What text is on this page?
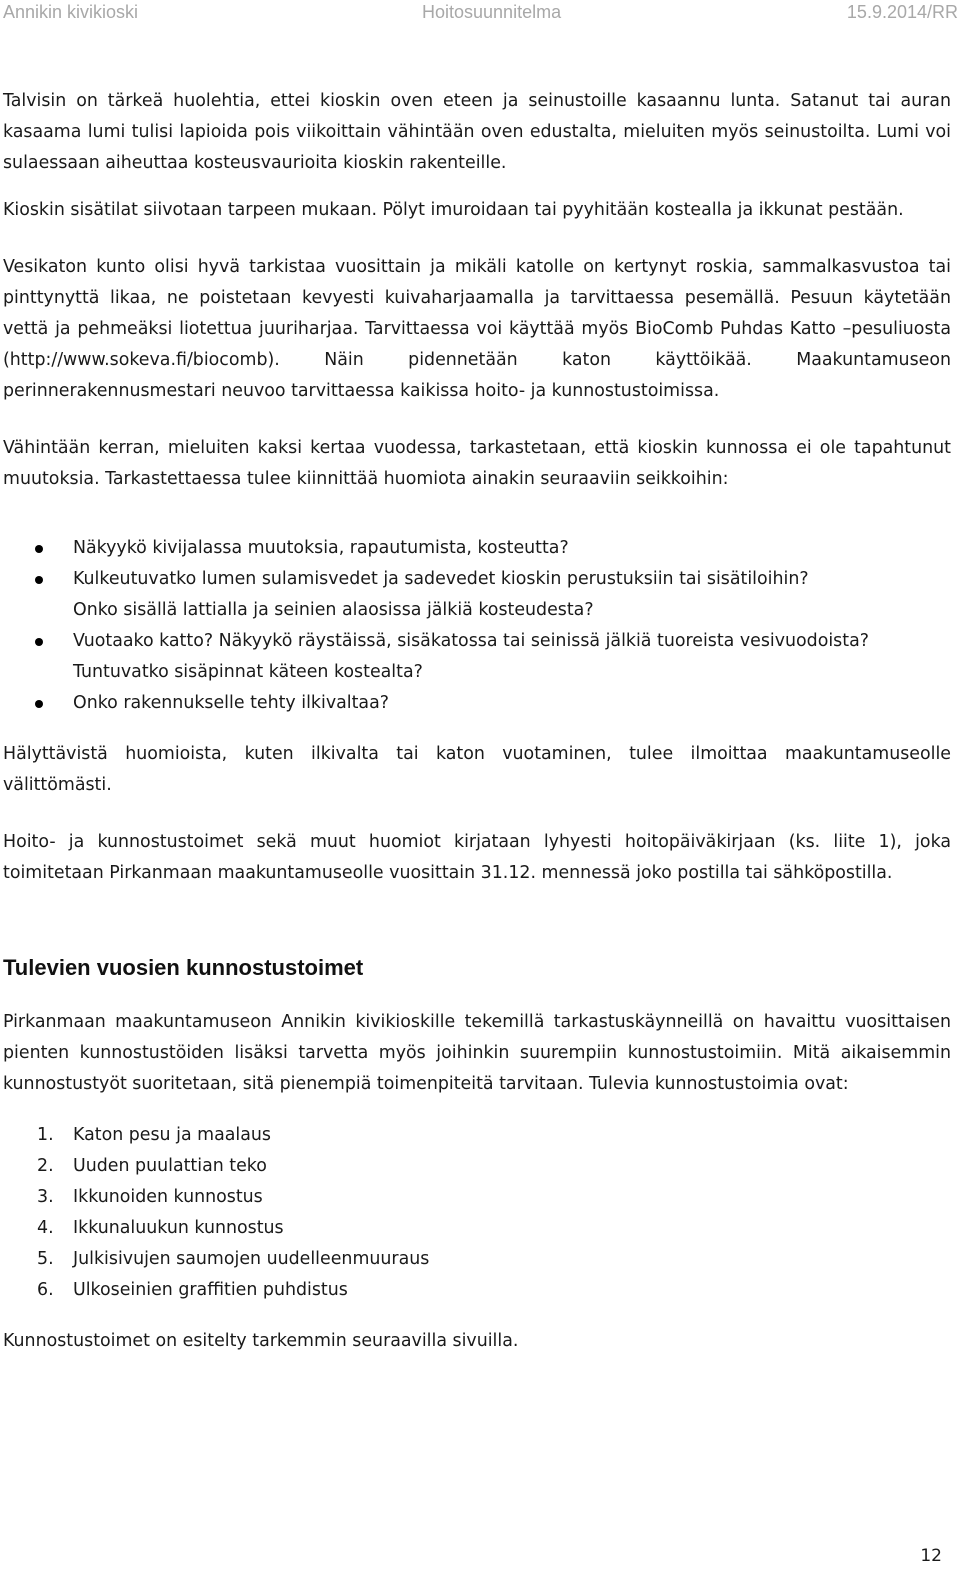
Annikin kivikioski	Hoitosuunnitelma	15.9.2014/RR

Talvisin on tärkeä huolehtia, ettei kioskin oven eteen ja seinustoille kasaannu lunta. Satanut tai auran kasaama lumi tulisi lapioida pois viikoittain vähintään oven edustalta, mieluiten myös seinustoilta. Lumi voi sulaessaan aiheuttaa kosteusvaurioita kioskin rakenteille.

Kioskin sisätilat siivotaan tarpeen mukaan. Pölyt imuroidaan tai pyyhitään kostealla ja ikkunat pestään.

Vesikaton kunto olisi hyvä tarkistaa vuosittain ja mikäli katolle on kertynyt roskia, sammalkasvustoa tai pinttynyttä likaa, ne poistetaan kevyesti kuivaharjaamalla ja tarvittaessa pesemällä. Pesuun käytetään vettä ja pehmeäksi liotettua juuriharjaa. Tarvittaessa voi käyttää myös BioComb Puhdas Katto –pesuliuosta (http://www.sokeva.fi/biocomb). Näin pidennetään katon käyttöikää. Maakuntamuseon perinnerakennusmestari neuvoo tarvittaessa kaikissa hoito- ja kunnostustoimissa.

Vähintään kerran, mieluiten kaksi kertaa vuodessa, tarkastetaan, että kioskin kunnossa ei ole tapahtunut muutoksia. Tarkastettaessa tulee kiinnittää huomiota ainakin seuraaviin seikkoihin:

Näkyykö kivijalassa muutoksia, rapautumista, kosteutta?
Kulkeutuvatko lumen sulamisvedet ja sadevedet kioskin perustuksiin tai sisätiloihin?
Onko sisällä lattialla ja seinien alaosissa jälkiä kosteudesta?
Vuotaako katto? Näkyykö räystäissä, sisäkatossa tai seinissä jälkiä tuoreista vesivuodoista? Tuntuvatko sisäpinnat käteen kostealta?
Onko rakennukselle tehty ilkivaltaa?

Hälyttävistä huomioista, kuten ilkivalta tai katon vuotaminen, tulee ilmoittaa maakuntamuseolle välittömästi.

Hoito- ja kunnostustoimet sekä muut huomiot kirjataan lyhyesti hoitopäiväkirjaan (ks. liite 1), joka toimitetaan Pirkanmaan maakuntamuseolle vuosittain 31.12. mennessä joko postilla tai sähköpostilla.

Tulevien vuosien kunnostustoimet

Pirkanmaan maakuntamuseon Annikin kivikioskille tekemillä tarkastuskäynneillä on havaittu vuosittaisen pienten kunnostustöiden lisäksi tarvetta myös joihinkin suurempiin kunnostustoimiin. Mitä aikaisemmin kunnostustyöt suoritetaan, sitä pienempiä toimenpiteitä tarvitaan. Tulevia kunnostustoimia ovat:

1. Katon pesu ja maalaus
2. Uuden puulattian teko
3. Ikkunoiden kunnostus
4. Ikkunaluukun kunnostus
5. Julkisivujen saumojen uudelleenmuuraus
6. Ulkoseinien graffitien puhdistus

Kunnostustoimet on esitelty tarkemmin seuraavilla sivuilla.

12
